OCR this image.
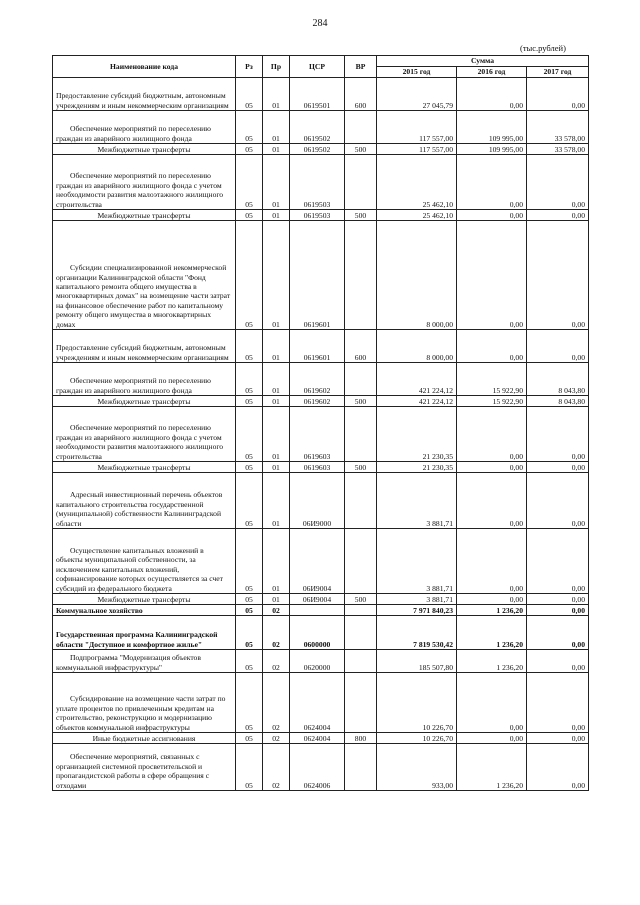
284
(тыс.рублей)
Наименование кода	Рз	Пр	ЦСР	ВР	Сумма		
					2015 год	2016 год	2017 год
Предоставление субсидий бюджетным, автономным учреждениям и иным некоммерческим организациям	05	01	0619501	600	27 045,79	0,00	0,00
Обеспечение мероприятий по переселению граждан из аварийного жилищного фонда	05	01	0619502		117 557,00	109 995,00	33 578,00
Межбюджетные трансферты	05	01	0619502	500	117 557,00	109 995,00	33 578,00
Обеспечение мероприятий по переселению граждан из аварийного жилищного фонда с учетом необходимости развития малоэтажного жилищного строительства	05	01	0619503		25 462,10	0,00	0,00
Межбюджетные трансферты	05	01	0619503	500	25 462,10	0,00	0,00
Субсидии специализированной некоммерческой организации Калининградской области "Фонд капитального ремонта общего имущества в многоквартирных домах" на возмещение части затрат на финансовое обеспечение работ по капитальному ремонту общего имущества в многоквартирных домах	05	01	0619601		8 000,00	0,00	0,00
Предоставление субсидий бюджетным, автономным учреждениям и иным некоммерческим организациям	05	01	0619601	600	8 000,00	0,00	0,00
Обеспечение мероприятий по переселению граждан из аварийного жилищного фонда	05	01	0619602		421 224,12	15 922,90	8 043,80
Межбюджетные трансферты	05	01	0619602	500	421 224,12	15 922,90	8 043,80
Обеспечение мероприятий по переселению граждан из аварийного жилищного фонда с учетом необходимости развития малоэтажного жилищного строительства	05	01	0619603		21 230,35	0,00	0,00
Межбюджетные трансферты	05	01	0619603	500	21 230,35	0,00	0,00
Адресный инвестиционный перечень объектов капитального строительства государственной (муниципальной) собственности Калининградской области	05	01	06И9000		3 881,71	0,00	0,00
Осуществление капитальных вложений в объекты муниципальной собственности, за исключением капитальных вложений, софинансирование которых осуществляется за счет субсидий из федерального бюджета	05	01	06И9004		3 881,71	0,00	0,00
Межбюджетные трансферты	05	01	06И9004	500	3 881,71	0,00	0,00
Коммунальное хозяйство	05	02			7 971 840,23	1 236,20	0,00
Государственная программа Калининградской области "Доступное и комфортное жилье"	05	02	0600000		7 819 530,42	1 236,20	0,00
Подпрограмма "Модернизация объектов коммунальной инфраструктуры"	05	02	0620000		185 507,80	1 236,20	0,00
Субсидирование на возмещение части затрат по уплате процентов по привлеченным кредитам на строительство, реконструкцию и модернизацию объектов коммунальной инфраструктуры	05	02	0624004		10 226,70	0,00	0,00
Иные бюджетные ассигнования	05	02	0624004	800	10 226,70	0,00	0,00
Обеспечение мероприятий, связанных с организацией системной просветительской и пропагандистской работы в сфере обращения с отходами	05	02	0624006		933,00	1 236,20	0,00
